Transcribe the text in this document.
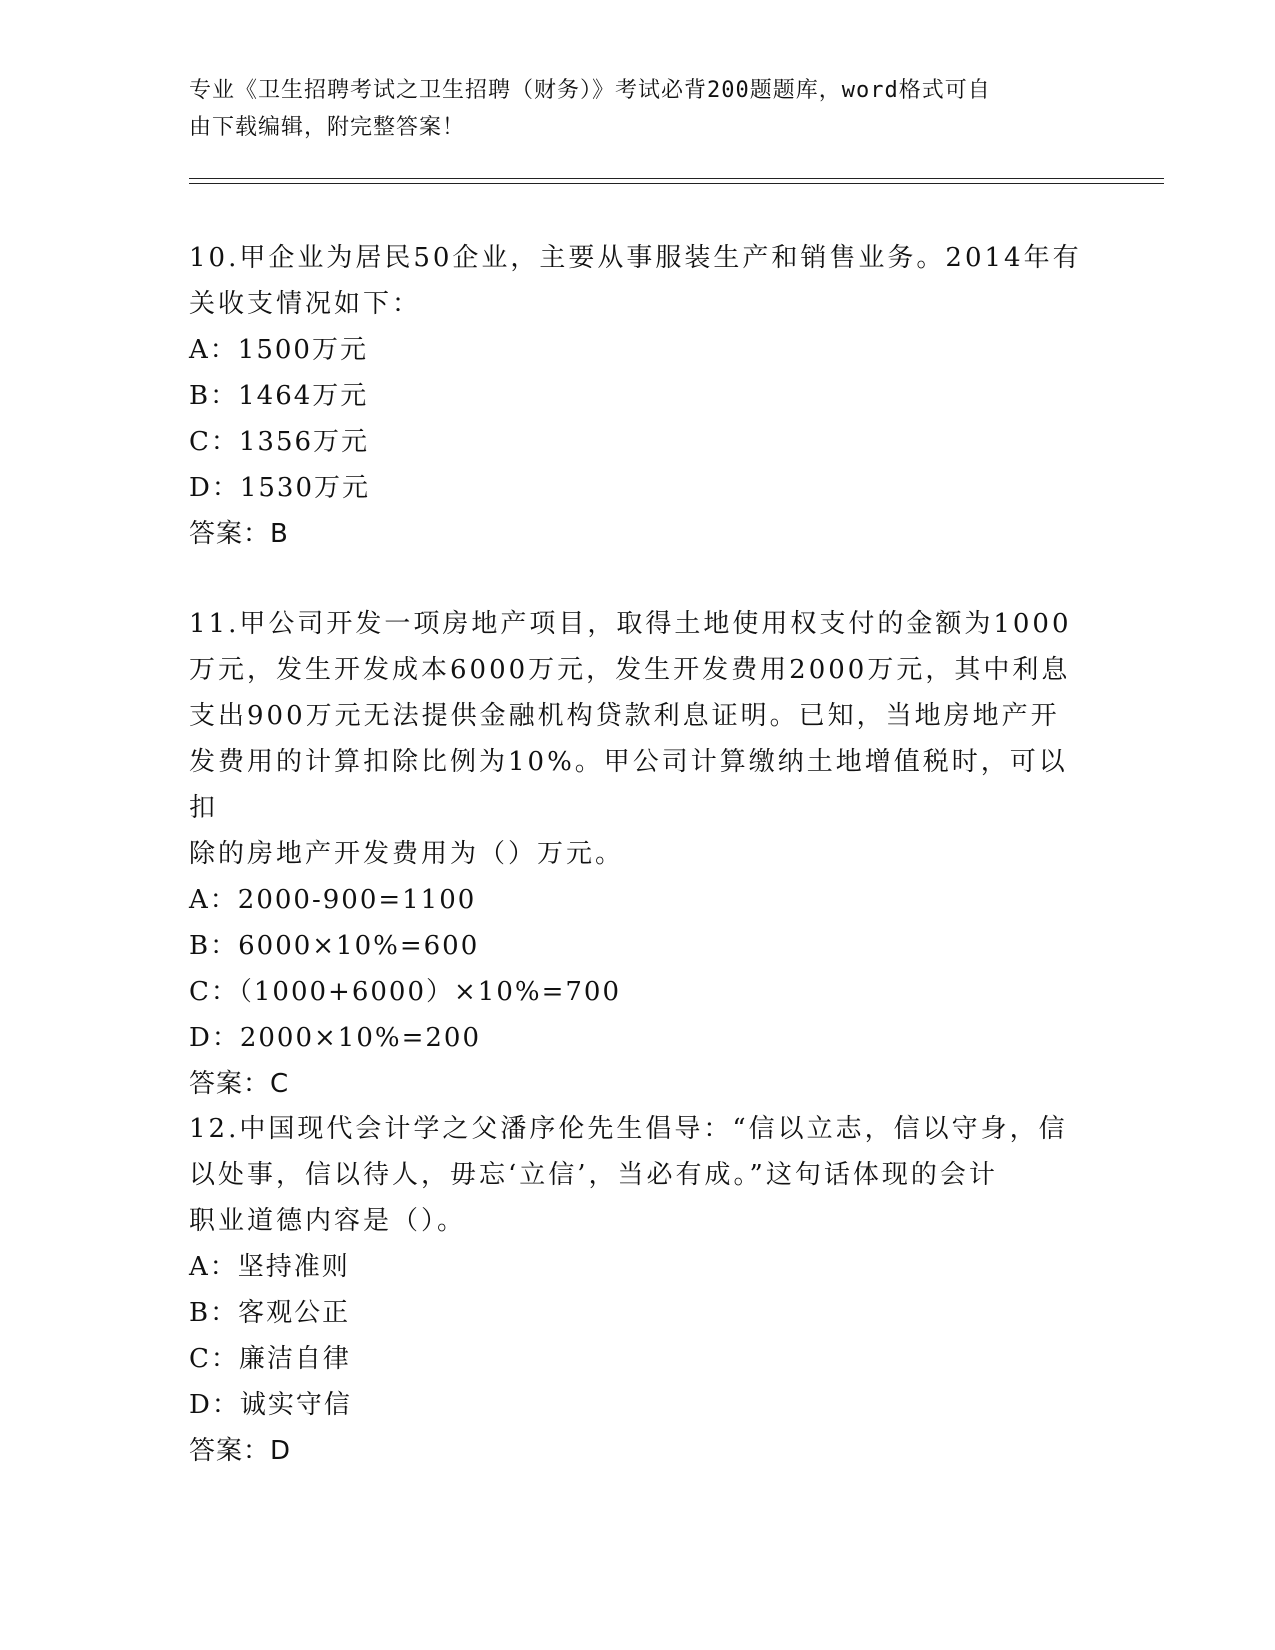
专业《卫生招聘考试之卫生招聘（财务）》考试必背200题题库，word格式可自
由下载编辑，附完整答案！
10.甲企业为居民50企业，主要从事服装生产和销售业务。2014年有
关收支情况如下：
A：1500万元
B：1464万元
C：1356万元
D：1530万元
答案：B
11.甲公司开发一项房地产项目，取得土地使用权支付的金额为1000
万元，发生开发成本6000万元，发生开发费用2000万元，其中利息
支出900万元无法提供金融机构贷款利息证明。已知，当地房地产开
发费用的计算扣除比例为10%。甲公司计算缴纳土地增值税时，可以扣
除的房地产开发费用为（）万元。
A：2000-900=1100
B：6000×10%=600
C：（1000+6000）×10%=700
D：2000×10%=200
答案：C
12.中国现代会计学之父潘序伦先生倡导：“信以立志，信以守身，信
以处事，信以待人，毋忘‘立信’，当必有成。”这句话体现的会计
职业道德内容是（）。
A：坚持准则
B：客观公正
C：廉洁自律
D：诚实守信
答案：D
